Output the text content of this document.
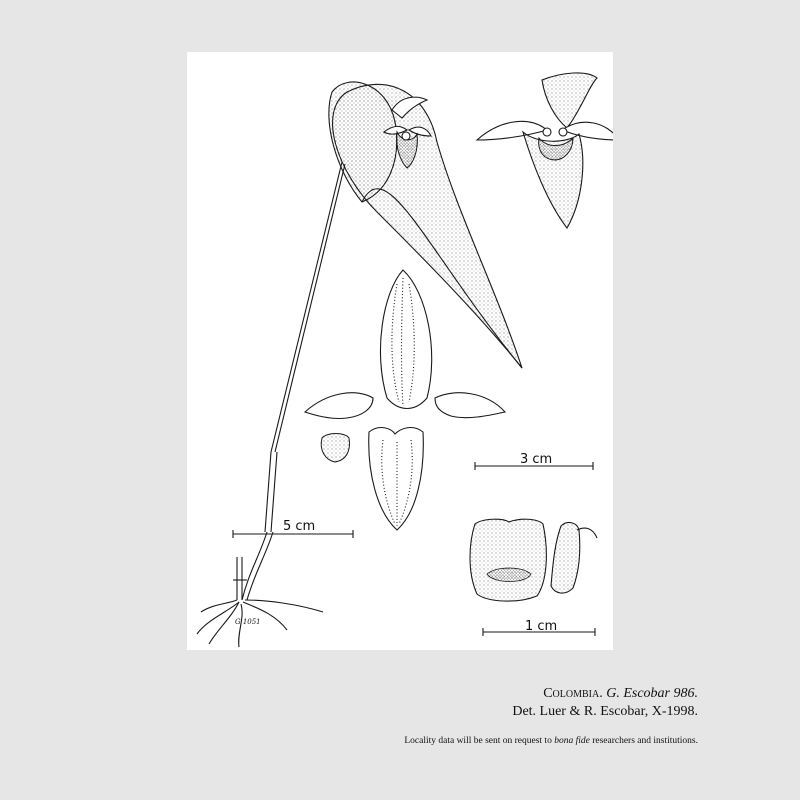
5 cm
3 cm
1 cm
G 1051
Colombia. G. Escobar 986.
Det. Luer & R. Escobar, X-1998.
Locality data will be sent on request to bona fide researchers and institutions.
